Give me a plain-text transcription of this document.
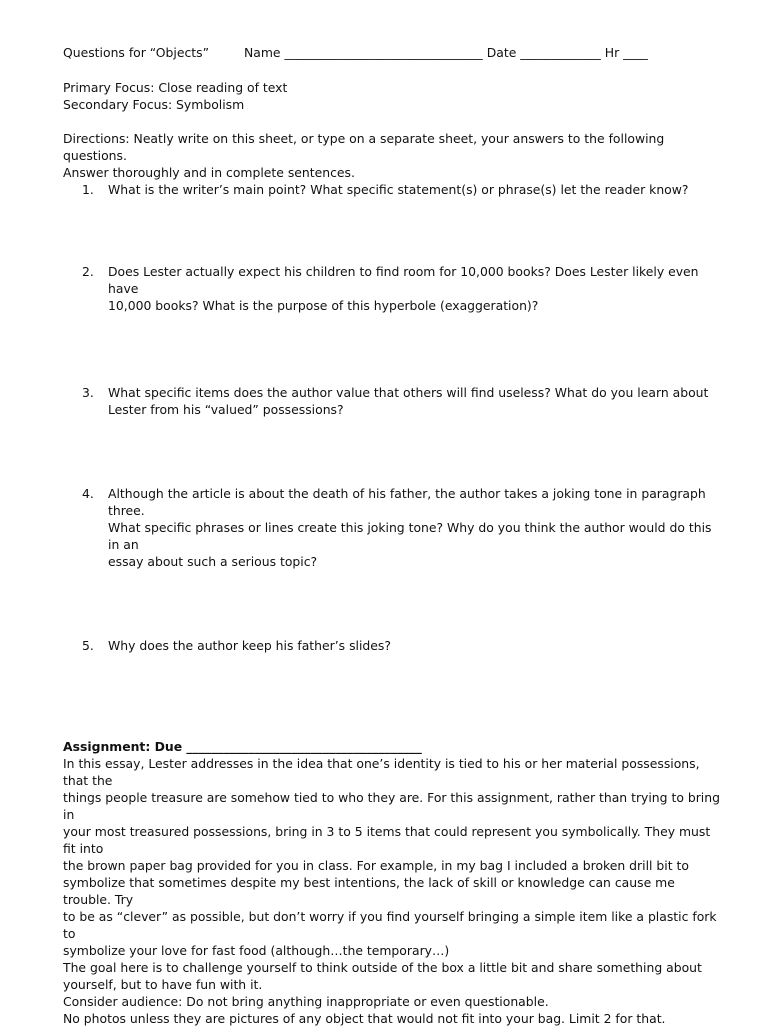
Questions for “Objects”	Name ________________________________ Date _____________ Hr ____
Primary Focus: Close reading of text
Secondary Focus: Symbolism
Directions: Neatly write on this sheet, or type on a separate sheet, your answers to the following questions.
Answer thoroughly and in complete sentences.
1. What is the writer’s main point? What specific statement(s) or phrase(s) let the reader know?
2. Does Lester actually expect his children to find room for 10,000 books? Does Lester likely even have
10,000 books? What is the purpose of this hyperbole (exaggeration)?
3. What specific items does the author value that others will find useless? What do you learn about
Lester from his “valued” possessions?
4. Although the article is about the death of his father, the author takes a joking tone in paragraph three.
What specific phrases or lines create this joking tone? Why do you think the author would do this in an
essay about such a serious topic?
5. Why does the author keep his father’s slides?
Assignment: Due ______________________________________
In this essay, Lester addresses in the idea that one’s identity is tied to his or her material possessions, that the
things people treasure are somehow tied to who they are. For this assignment, rather than trying to bring in
your most treasured possessions, bring in 3 to 5 items that could represent you symbolically. They must fit into
the brown paper bag provided for you in class. For example, in my bag I included a broken drill bit to
symbolize that sometimes despite my best intentions, the lack of skill or knowledge can cause me trouble. Try
to be as “clever” as possible, but don’t worry if you find yourself bringing a simple item like a plastic fork to
symbolize your love for fast food (although…the temporary…)
The goal here is to challenge yourself to think outside of the box a little bit and share something about
yourself, but to have fun with it.
Consider audience: Do not bring anything inappropriate or even questionable.
No photos unless they are pictures of any object that would not fit into your bag. Limit 2 for that.
